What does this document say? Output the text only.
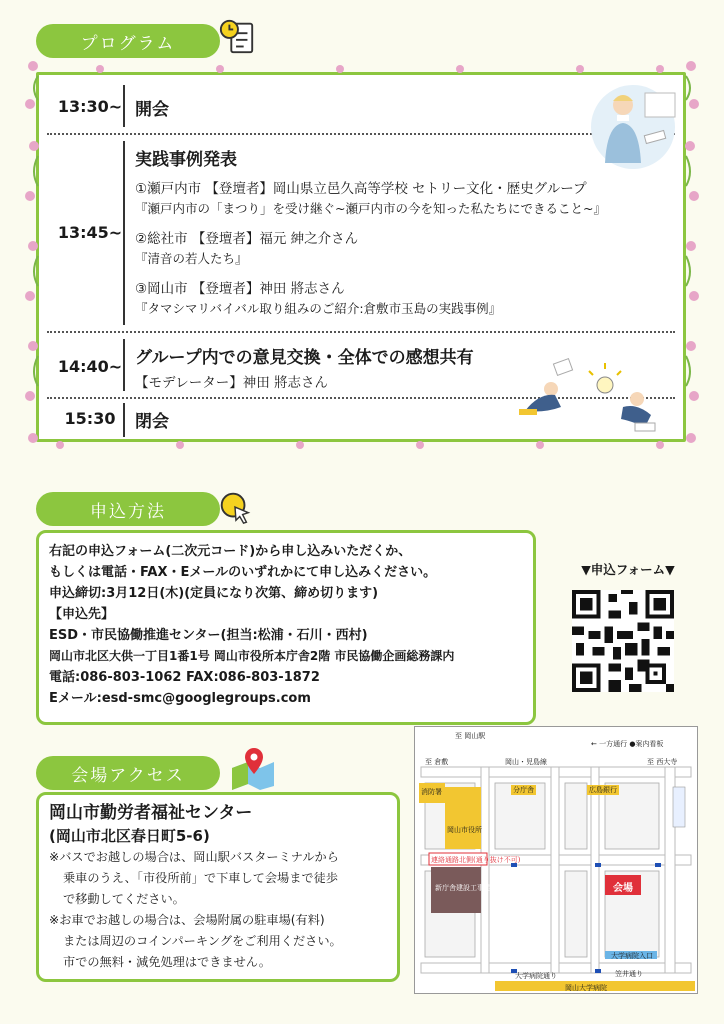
プログラム
13:30~ 開会
13:45~
実践事例発表
①瀬戸内市 【登壇者】岡山県立邑久高等学校 セトリー文化・歴史グループ
『瀬戸内市の「まつり」を受け継ぐ~瀬戸内市の今を知った私たちにできること~』
②総社市 【登壇者】福元 紳之介さん
『清音の若人たち』
③岡山市 【登壇者】神田 將志さん
『タマシマリバイバル取り組みのご紹介:倉敷市玉島の実践事例』
14:40~ グループ内での意見交換・全体での感想共有
【モデレーター】神田 將志さん
15:30	閉会
申込方法
右記の申込フォーム(二次元コード)から申し込みいただくか、
もしくは電話・FAX・Eメールのいずれかにて申し込みください。
申込締切:3月12日(木)(定員になり次第、締め切ります)
【申込先】
ESD・市民協働推進センター(担当:松浦・石川・西村)
岡山市北区大供一丁目1番1号 岡山市役所本庁舎2階 市民協働企画総務課内
電話:086-803-1062 FAX:086-803-1872
Eメール:esd-smc@googlegroups.com
▼申込フォーム▼
会場アクセス
岡山市勤労者福祉センター
(岡山市北区春日町5-6)
※バスでお越しの場合は、岡山駅バスターミナルから
乗車のうえ、「市役所前」で下車して会場まで徒歩
で移動してください。
※お車でお越しの場合は、会場附属の駐車場(有料)
または周辺のコインパーキングをご利用ください。
市での無料・減免処理はできません。
至 岡山駅
← 一方通行 ●案内看板
至 倉敷	岡山・児島線	至 西大寺
消防署	分庁舎	広島銀行
岡山市役所
連絡通路北側(通り抜け不可)
新庁舎建設工事範囲	会場
大学病院通り
大学病院入口
笠井通り
岡山大学病院
